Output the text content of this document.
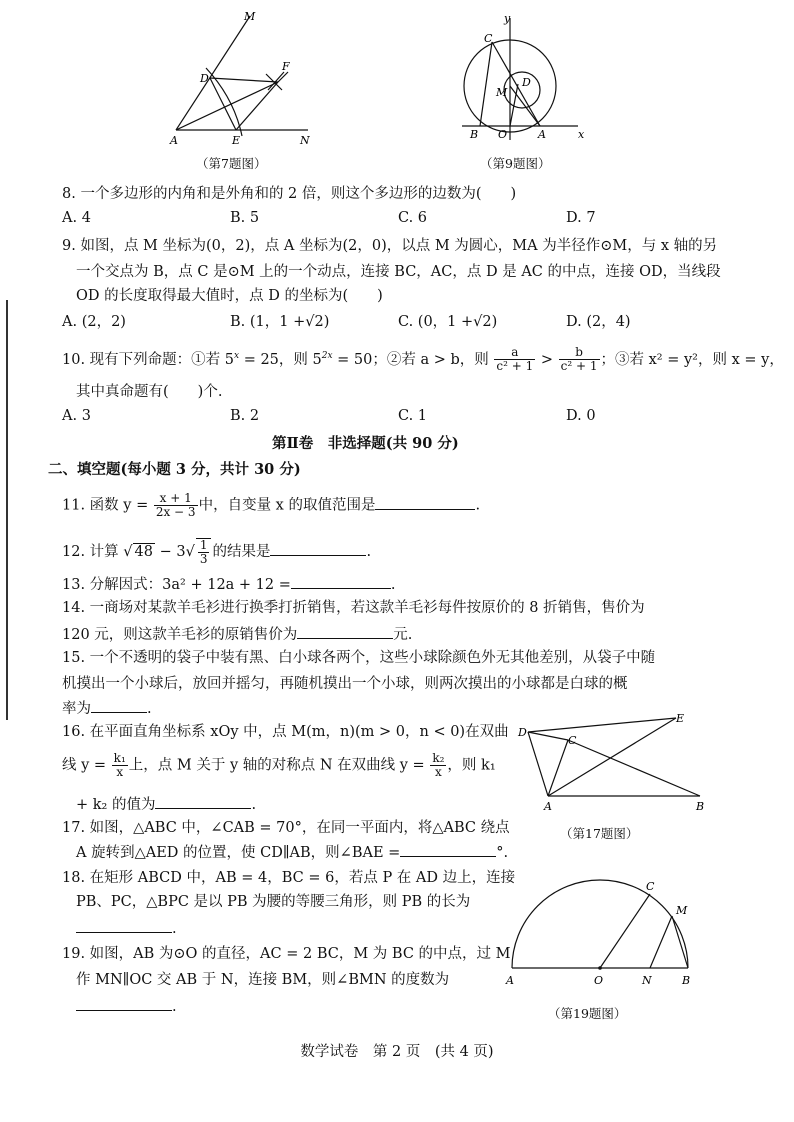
M
D
F
A	E	N
（第7题图）
y
C
D
M
B O	A	x
（第9题图）
8. 一个多边形的内角和是外角和的 2 倍，则这个多边形的边数为(　　)
A. 4	B. 5	C. 6	D. 7
9. 如图，点 M 坐标为(0，2)，点 A 坐标为(2，0)，以点 M 为圆心，MA 为半径作⊙M，与 x 轴的另
一个交点为 B，点 C 是⊙M 上的一个动点，连接 BC，AC，点 D 是 AC 的中点，连接 OD，当线段
OD 的长度取得最大值时，点 D 的坐标为(　　)
A. (2，2)	B. (1，1 +√2)	C. (0，1 +√2)	D. (2，4)
10. 现有下列命题：①若 $5^x = 25$，则 $5^{2x} = 50$；②若 a > b，则 $\frac{a}{\text{c² + 1}} > \frac{b}{\text{c² + 1}}$ ；③若 x² = y²，则 x = y，
其中真命题有(　　)个.
A. 3	B. 2	C. 1	D. 0
第Ⅱ卷　非选择题(共 90 分)
二、填空题(每小题 3 分，共计 30 分)
11. 函数 $y = \frac{x + 1}{2x - 3}$ 中，自变量 x 的取值范围是	.
12. 计算 √ $48 - 3√ \frac{1}{3}$ 的结果是	.
13. 分解因式：3a² + 12a + 12 =	.
14. 一商场对某款羊毛衫进行换季打折销售，若这款羊毛衫每件按原价的 8 折销售，售价为
120 元，则这款羊毛衫的原销售价为	元.
15. 一个不透明的袋子中装有黑、白小球各两个，这些小球除颜色外无其他差别，从袋子中随
机摸出一个小球后，放回并摇匀，再随机摸出一个小球，则两次摸出的小球都是白球的概
率为	.
16. 在平面直角坐标系 xOy 中，点 M(m，n)(m > 0，n < 0)在双曲
线 $y = \frac{\text{k₁}}{x}$ 上，点 M 关于 y 轴的对称点 N 在双曲线 $y = \frac{\text{k₂}}{x}$ ，则 k₁
+ k₂ 的值为	.
D
C
E
A	B
（第17题图）
17. 如图，△ABC 中，∠CAB = 70°，在同一平面内，将△ABC 绕点
A 旋转到△AED 的位置，使 CD∥AB，则∠BAE =	°.
18. 在矩形 ABCD 中，AB = 4，BC = 6，若点 P 在 AD 边上，连接
PB、PC，△BPC 是以 PB 为腰的等腰三角形，则 PB 的长为
.
19. 如图，AB 为⊙O 的直径，AC = 2 BC，M 为 BC 的中点，过 M
作 MN∥OC 交 AB 于 N，连接 BM，则∠BMN 的度数为
.
C
M
A	O	N	B
（第19题图）
数学试卷　第 2 页　(共 4 页)
